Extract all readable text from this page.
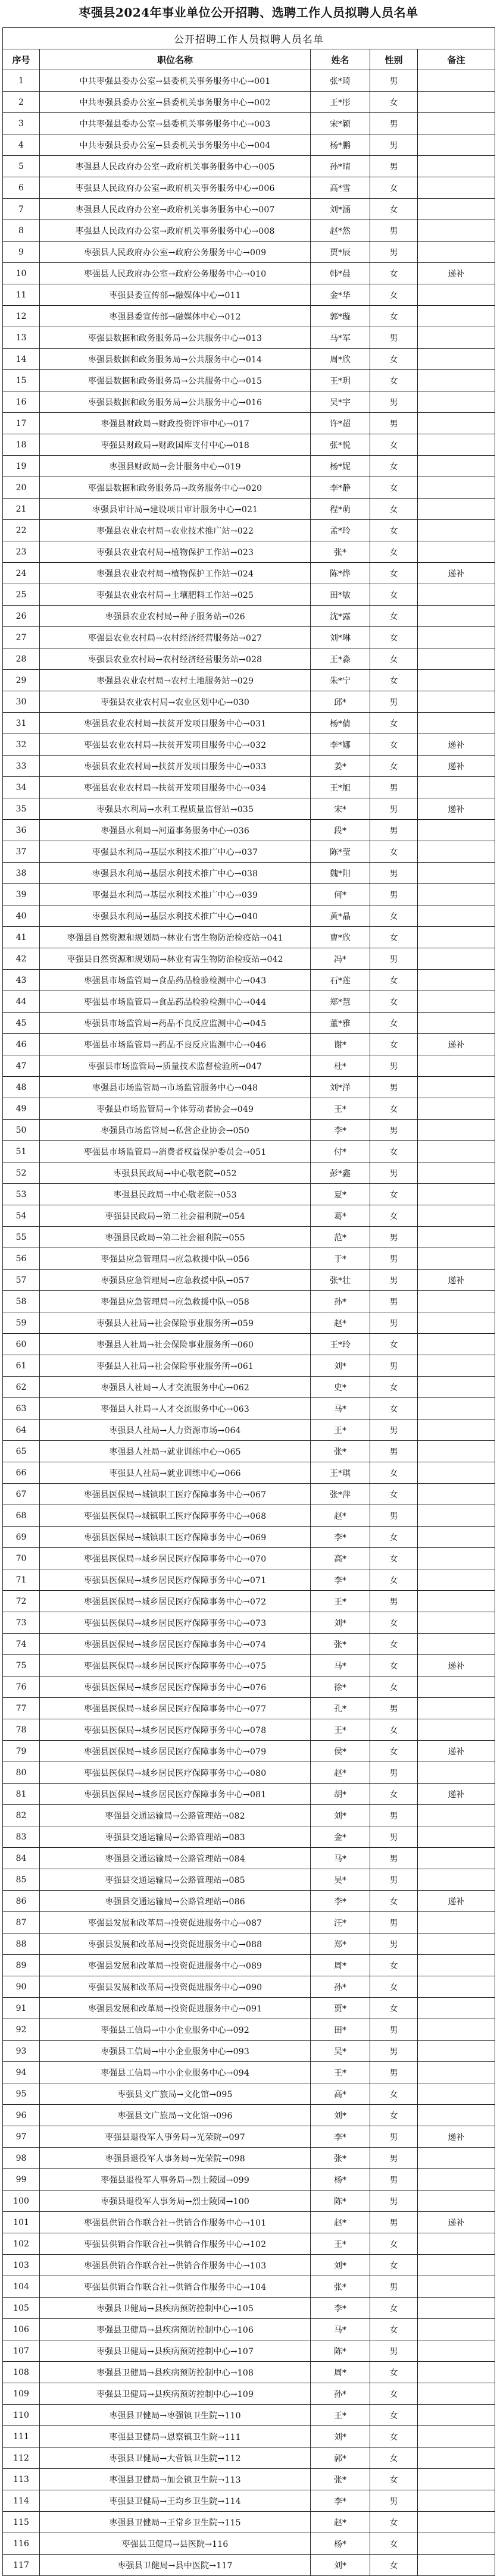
枣强县2024年事业单位公开招聘、选聘工作人员拟聘人员名单
公开招聘工作人员拟聘人员名单				
序号	职位名称	姓名	性别	备注
1	中共枣强县委办公室→县委机关事务服务中心→001	张*琦	男	
2	中共枣强县委办公室→县委机关事务服务中心→002	王*彤	女	
3	中共枣强县委办公室→县委机关事务服务中心→003	宋*颖	男	
4	中共枣强县委办公室→县委机关事务服务中心→004	杨*鹏	男	
5	枣强县人民政府办公室→政府机关事务服务中心→005	孙*晴	男	
6	枣强县人民政府办公室→政府机关事务服务中心→006	高*雪	女	
7	枣强县人民政府办公室→政府机关事务服务中心→007	刘*涵	女	
8	枣强县人民政府办公室→政府机关事务服务中心→008	赵*然	男	
9	枣强县人民政府办公室→政府公务服务中心→009	贾*辰	男	
10	枣强县人民政府办公室→政府公务服务中心→010	韩*晨	女	递补
11	枣强县委宣传部→融媒体中心→011	金*华	女	
12	枣强县委宣传部→融媒体中心→012	郭*璇	女	
13	枣强县数据和政务服务局→公共服务中心→013	马*军	男	
14	枣强县数据和政务服务局→公共服务中心→014	周*欣	女	
15	枣强县数据和政务服务局→公共服务中心→015	王*玥	女	
16	枣强县数据和政务服务局→公共服务中心→016	吴*宇	男	
17	枣强县财政局→财政投资评审中心→017	许*超	男	
18	枣强县财政局→财政国库支付中心→018	张*悦	女	
19	枣强县财政局→会计服务中心→019	杨*妮	女	
20	枣强县数据和政务服务局→政务服务中心→020	李*静	女	
21	枣强县审计局→建设项目审计服务中心→021	程*萌	女	
22	枣强县农业农村局→农业技术推广站→022	孟*玲	女	
23	枣强县农业农村局→植物保护工作站→023	张*	女	
24	枣强县农业农村局→植物保护工作站→024	陈*烨	女	递补
25	枣强县农业农村局→土壤肥料工作站→025	田*敏	女	
26	枣强县农业农村局→种子服务站→026	沈*露	女	
27	枣强县农业农村局→农村经济经营服务站→027	刘*琳	女	
28	枣强县农业农村局→农村经济经营服务站→028	王*淼	女	
29	枣强县农业农村局→农村土地服务站→029	朱*宁	女	
30	枣强县农业农村局→农业区划中心→030	邱*	男	
31	枣强县农业农村局→扶贫开发项目服务中心→031	杨*倩	女	
32	枣强县农业农村局→扶贫开发项目服务中心→032	李*娜	女	递补
33	枣强县农业农村局→扶贫开发项目服务中心→033	姜*	女	递补
34	枣强县农业农村局→扶贫开发项目服务中心→034	王*旭	男	
35	枣强县水利局→水利工程质量监督站→035	宋*	男	递补
36	枣强县水利局→河道事务服务中心→036	段*	男	
37	枣强县水利局→基层水利技术推广中心→037	陈*莹	女	
38	枣强县水利局→基层水利技术推广中心→038	魏*阳	男	
39	枣强县水利局→基层水利技术推广中心→039	何*	男	
40	枣强县水利局→基层水利技术推广中心→040	黄*晶	女	
41	枣强县自然资源和规划局→林业有害生物防治检疫站→041	曹*欣	女	
42	枣强县自然资源和规划局→林业有害生物防治检疫站→042	冯*	男	
43	枣强县市场监管局→食品药品检验检测中心→043	石*莲	女	
44	枣强县市场监管局→食品药品检验检测中心→044	郑*慧	女	
45	枣强县市场监管局→药品不良反应监测中心→045	董*雅	女	
46	枣强县市场监管局→药品不良反应监测中心→046	谢*	女	递补
47	枣强县市场监管局→质量技术监督检验所→047	杜*	男	
48	枣强县市场监管局→市场监管服务中心→048	刘*洋	男	
49	枣强县市场监管局→个体劳动者协会→049	王*	女	
50	枣强县市场监管局→私营企业协会→050	李*	男	
51	枣强县市场监管局→消费者权益保护委员会→051	付*	女	
52	枣强县民政局→中心敬老院→052	彭*鑫	男	
53	枣强县民政局→中心敬老院→053	夏*	女	
54	枣强县民政局→第二社会福利院→054	葛*	女	
55	枣强县民政局→第二社会福利院→055	范*	男	
56	枣强县应急管理局→应急救援中队→056	于*	男	
57	枣强县应急管理局→应急救援中队→057	张*壮	男	递补
58	枣强县应急管理局→应急救援中队→058	孙*	男	
59	枣强县人社局→社会保险事业服务所→059	赵*	男	
60	枣强县人社局→社会保险事业服务所→060	王*玲	女	
61	枣强县人社局→社会保险事业服务所→061	刘*	男	
62	枣强县人社局→人才交流服务中心→062	史*	女	
63	枣强县人社局→人才交流服务中心→063	马*	女	
64	枣强县人社局→人力资源市场→064	王*	男	
65	枣强县人社局→就业训练中心→065	张*	男	
66	枣强县人社局→就业训练中心→066	王*琪	女	
67	枣强县医保局→城镇职工医疗保障事务中心→067	张*萍	女	
68	枣强县医保局→城镇职工医疗保障事务中心→068	赵*	男	
69	枣强县医保局→城镇职工医疗保障事务中心→069	李*	女	
70	枣强县医保局→城乡居民医疗保障事务中心→070	高*	女	
71	枣强县医保局→城乡居民医疗保障事务中心→071	李*	女	
72	枣强县医保局→城乡居民医疗保障事务中心→072	王*	男	
73	枣强县医保局→城乡居民医疗保障事务中心→073	刘*	女	
74	枣强县医保局→城乡居民医疗保障事务中心→074	张*	女	
75	枣强县医保局→城乡居民医疗保障事务中心→075	马*	女	递补
76	枣强县医保局→城乡居民医疗保障事务中心→076	徐*	女	
77	枣强县医保局→城乡居民医疗保障事务中心→077	孔*	男	
78	枣强县医保局→城乡居民医疗保障事务中心→078	王*	女	
79	枣强县医保局→城乡居民医疗保障事务中心→079	侯*	女	递补
80	枣强县医保局→城乡居民医疗保障事务中心→080	赵*	男	
81	枣强县医保局→城乡居民医疗保障事务中心→081	胡*	女	递补
82	枣强县交通运输局→公路管理站→082	刘*	男	
83	枣强县交通运输局→公路管理站→083	金*	男	
84	枣强县交通运输局→公路管理站→084	马*	男	
85	枣强县交通运输局→公路管理站→085	吴*	男	
86	枣强县交通运输局→公路管理站→086	李*	女	递补
87	枣强县发展和改革局→投资促进服务中心→087	汪*	男	
88	枣强县发展和改革局→投资促进服务中心→088	郑*	男	
89	枣强县发展和改革局→投资促进服务中心→089	周*	女	
90	枣强县发展和改革局→投资促进服务中心→090	孙*	女	
91	枣强县发展和改革局→投资促进服务中心→091	贾*	女	
92	枣强县工信局→中小企业服务中心→092	田*	男	
93	枣强县工信局→中小企业服务中心→093	吴*	男	
94	枣强县工信局→中小企业服务中心→094	王*	男	
95	枣强县文广旅局→文化馆→095	高*	女	
96	枣强县文广旅局→文化馆→096	刘*	女	
97	枣强县退役军人事务局→光荣院→097	李*	男	递补
98	枣强县退役军人事务局→光荣院→098	张*	男	
99	枣强县退役军人事务局→烈士陵园→099	杨*	男	
100	枣强县退役军人事务局→烈士陵园→100	陈*	男	
101	枣强县供销合作联合社→供销合作服务中心→101	赵*	男	递补
102	枣强县供销合作联合社→供销合作服务中心→102	王*	女	
103	枣强县供销合作联合社→供销合作服务中心→103	刘*	女	
104	枣强县供销合作联合社→供销合作服务中心→104	张*	男	
105	枣强县卫健局→县疾病预防控制中心→105	李*	女	
106	枣强县卫健局→县疾病预防控制中心→106	马*	女	
107	枣强县卫健局→县疾病预防控制中心→107	陈*	男	
108	枣强县卫健局→县疾病预防控制中心→108	周*	女	
109	枣强县卫健局→县疾病预防控制中心→109	孙*	女	
110	枣强县卫健局→枣强镇卫生院→110	王*	女	
111	枣强县卫健局→恩察镇卫生院→111	刘*	女	
112	枣强县卫健局→大营镇卫生院→112	郭*	女	
113	枣强县卫健局→加会镇卫生院→113	张*	女	
114	枣强县卫健局→王均乡卫生院→114	李*	男	
115	枣强县卫健局→王常乡卫生院→115	赵*	女	
116	枣强县卫健局→县医院→116	杨*	女	
117	枣强县卫健局→县中医院→117	刘*	女	
